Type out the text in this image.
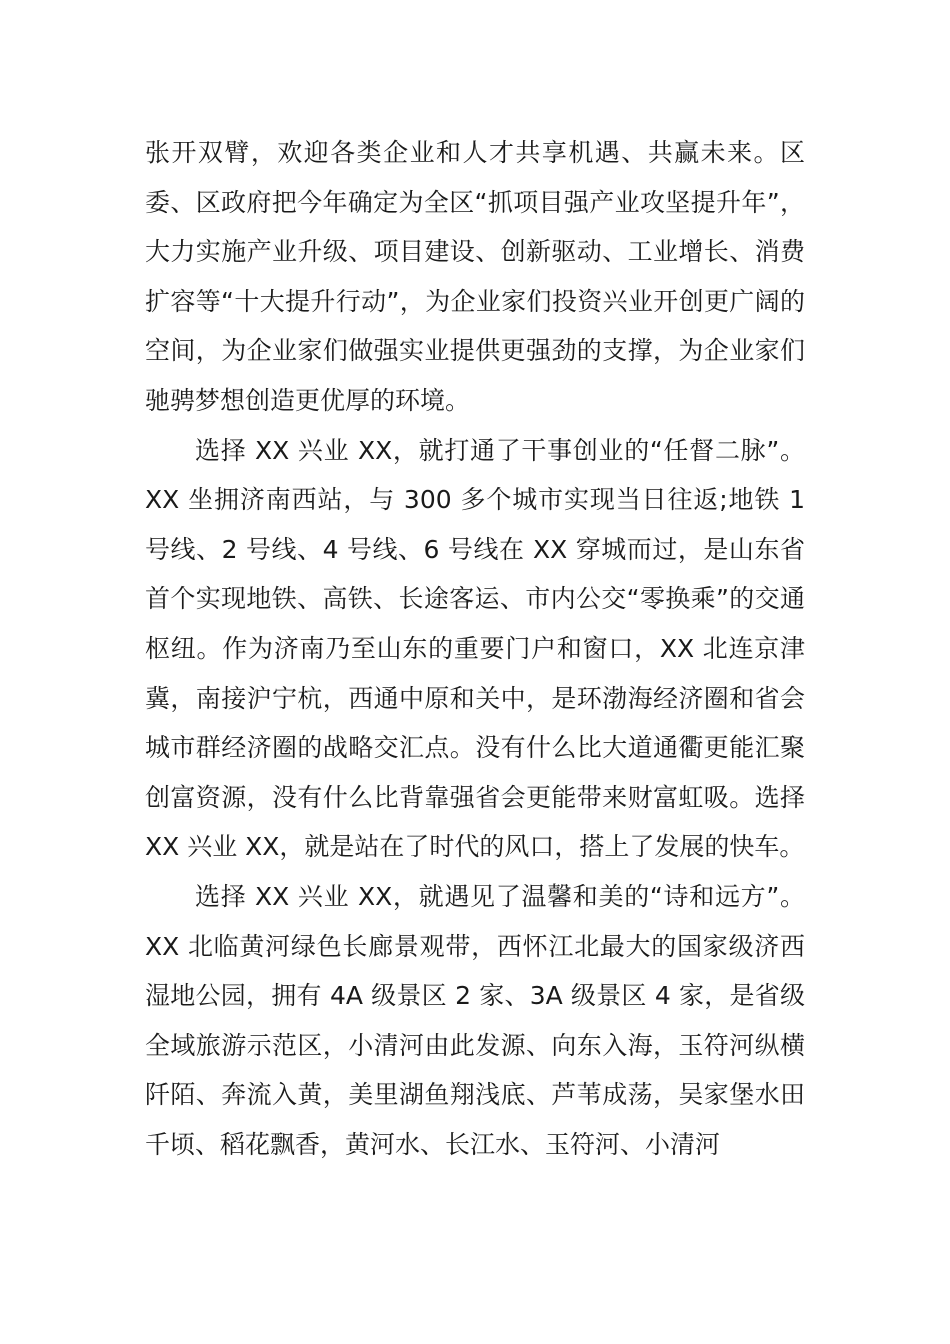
张开双臂，欢迎各类企业和人才共享机遇、共赢未来。区委、区政府把今年确定为全区“抓项目强产业攻坚提升年”，大力实施产业升级、项目建设、创新驱动、工业增长、消费扩容等“十大提升行动”，为企业家们投资兴业开创更广阔的空间，为企业家们做强实业提供更强劲的支撑，为企业家们驰骋梦想创造更优厚的环境。

选择 XX 兴业 XX，就打通了干事创业的“任督二脉”。XX 坐拥济南西站，与 300 多个城市实现当日往返;地铁 1 号线、2 号线、4 号线、6 号线在 XX 穿城而过，是山东省首个实现地铁、高铁、长途客运、市内公交“零换乘”的交通枢纽。作为济南乃至山东的重要门户和窗口，XX 北连京津冀，南接沪宁杭，西通中原和关中，是环渤海经济圈和省会城市群经济圈的战略交汇点。没有什么比大道通衢更能汇聚创富资源，没有什么比背靠强省会更能带来财富虹吸。选择 XX 兴业 XX，就是站在了时代的风口，搭上了发展的快车。

选择 XX 兴业 XX，就遇见了温馨和美的“诗和远方”。XX 北临黄河绿色长廊景观带，西怀江北最大的国家级济西湿地公园，拥有 4A 级景区 2 家、3A 级景区 4 家，是省级全域旅游示范区，小清河由此发源、向东入海，玉符河纵横阡陌、奔流入黄，美里湖鱼翔浅底、芦苇成荡，吴家堡水田千顷、稻花飘香，黄河水、长江水、玉符河、小清河
